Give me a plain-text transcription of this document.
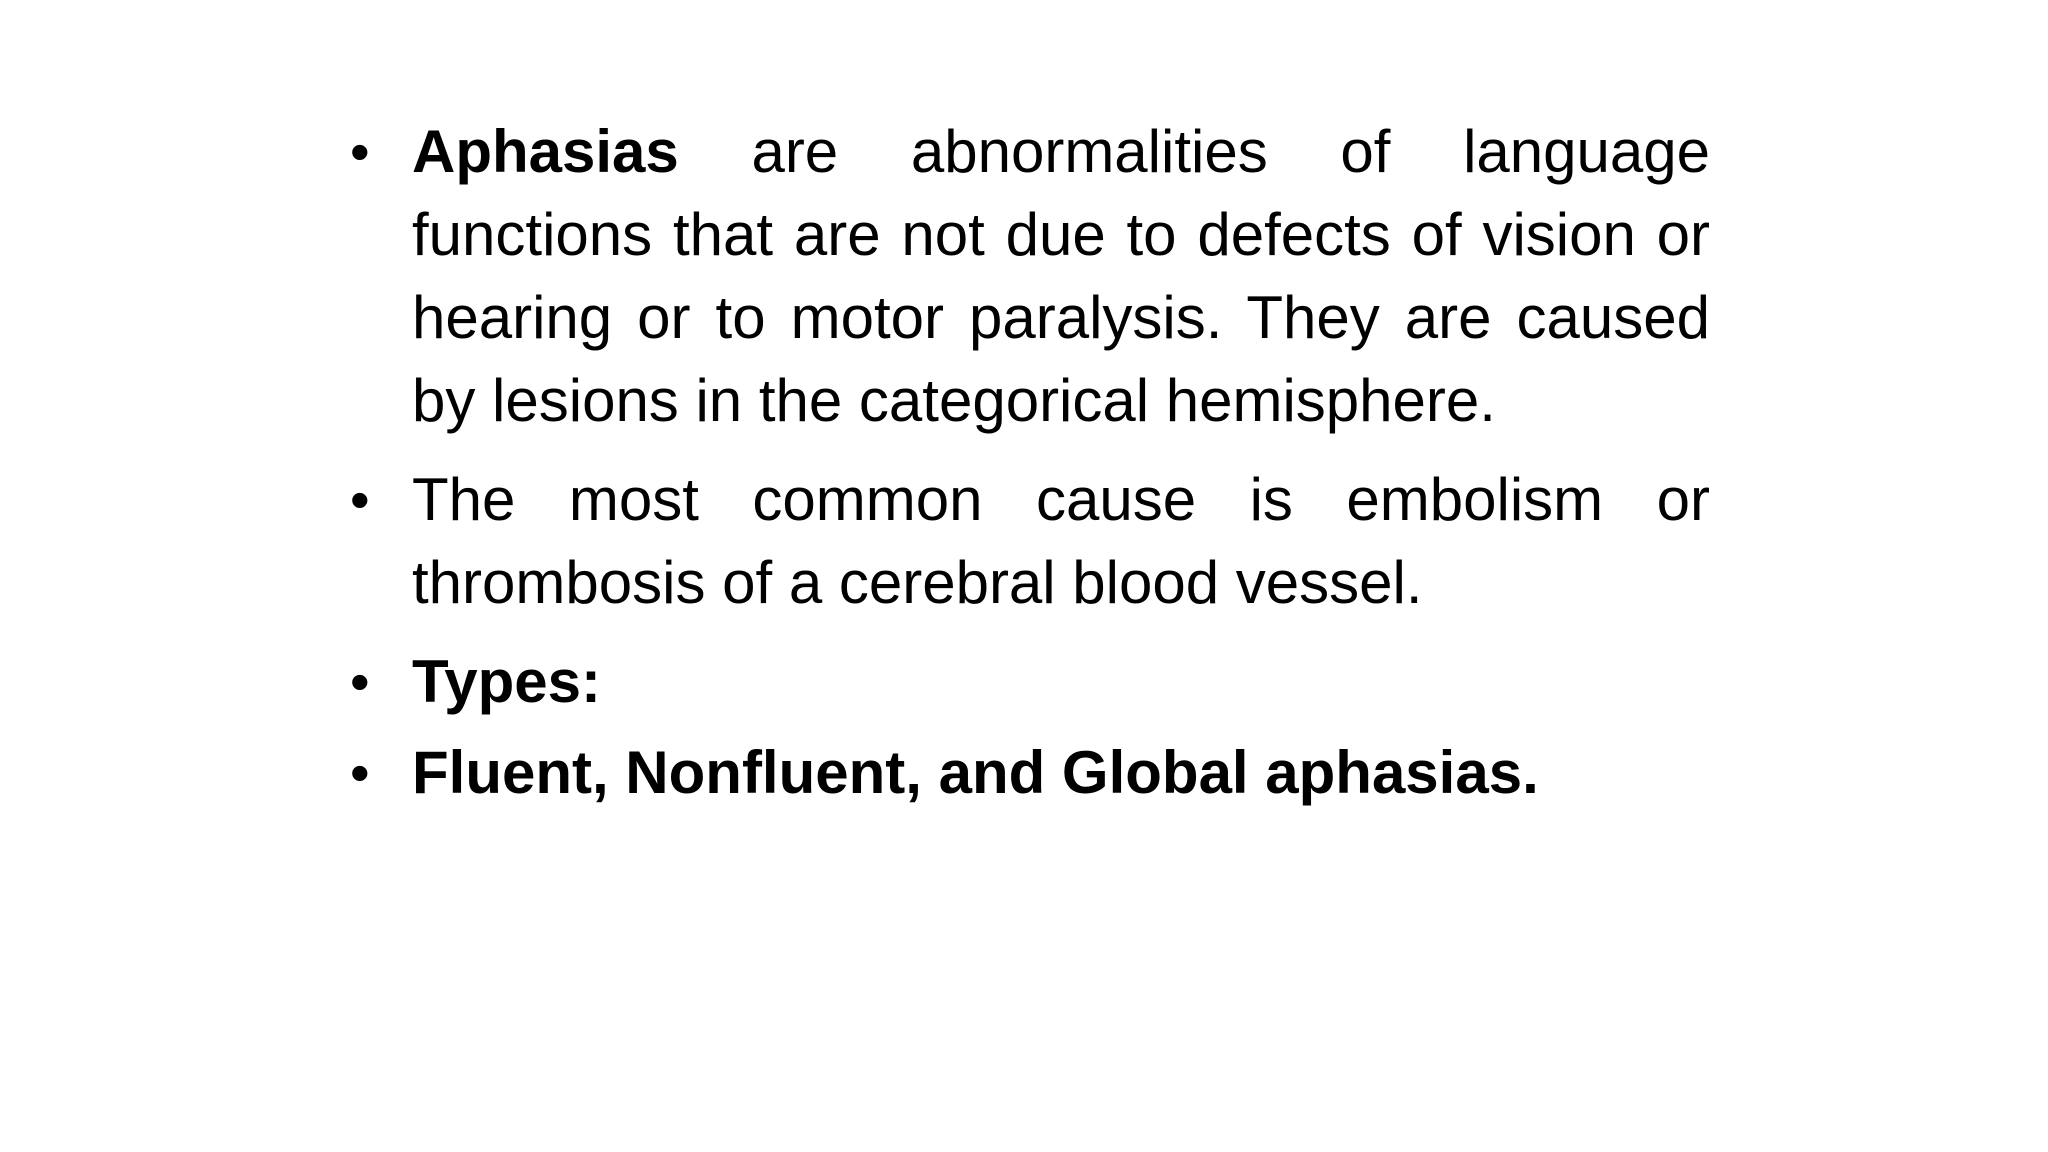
• Aphasias are abnormalities of language functions that are not due to defects of vision or hearing or to motor paralysis. They are caused by lesions in the categorical hemisphere.
• The most common cause is embolism or thrombosis of a cerebral blood vessel.
• Types:
• Fluent, Nonfluent, and Global aphasias.
